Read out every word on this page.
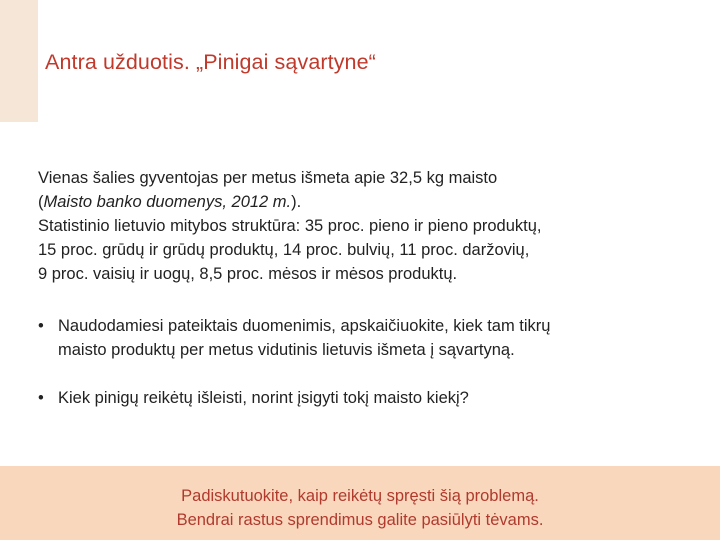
Antra užduotis. „Pinigai sąvartyne“

Vienas šalies gyventojas per metus išmeta apie 32,5 kg maisto
(Maisto banko duomenys, 2012 m.).
Statistinio lietuvio mitybos struktūra: 35 proc. pieno ir pieno produktų,
15 proc. grūdų ir grūdų produktų, 14 proc. bulvių, 11 proc. daržovių,
9 proc. vaisių ir uogų, 8,5 proc. mėsos ir mėsos produktų.

• Naudodamiesi pateiktais duomenimis, apskaičiuokite, kiek tam tikrų
maisto produktų per metus vidutinis lietuvis išmeta į sąvartyną.
• Kiek pinigų reikėtų išleisti, norint įsigyti tokį maisto kiekį?
Padiskutuokite, kaip reikėtų spręsti šią problemą.
Bendrai rastus sprendimus galite pasiūlyti tėvams.
